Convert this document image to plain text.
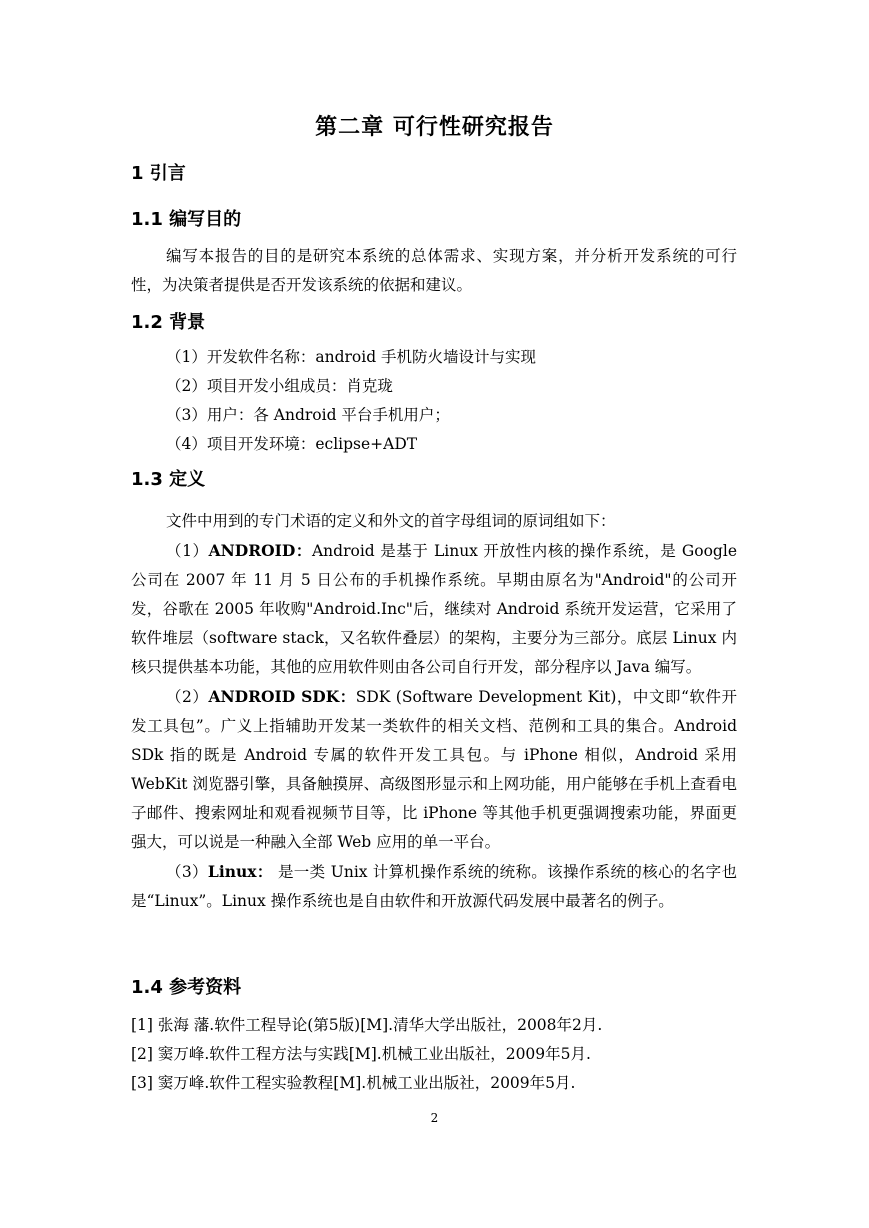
第二章 可行性研究报告
1 引言
1.1 编写目的

编写本报告的目的是研究本系统的总体需求、实现方案，并分析开发系统的可行性，为决策者提供是否开发该系统的依据和建议。

1.2 背景
（1）开发软件名称：android 手机防火墙设计与实现
（2）项目开发小组成员：肖克珑
（3）用户：各 Android 平台手机用户；
（4）项目开发环境：eclipse+ADT
1.3 定义

文件中用到的专门术语的定义和外文的首字母组词的原词组如下：

（1）ANDROID：Android 是基于 Linux 开放性内核的操作系统，是 Google 公司在 2007 年 11 月 5 日公布的手机操作系统。早期由原名为"Android"的公司开发，谷歌在 2005 年收购"Android.Inc"后，继续对 Android 系统开发运营，它采用了软件堆层（software stack，又名软件叠层）的架构，主要分为三部分。底层 Linux 内核只提供基本功能，其他的应用软件则由各公司自行开发，部分程序以 Java 编写。

（2）ANDROID SDK：SDK (Software Development Kit)，中文即“软件开发工具包”。广义上指辅助开发某一类软件的相关文档、范例和工具的集合。Android SDk 指的既是 Android 专属的软件开发工具包。与 iPhone 相似，Android 采用 WebKit 浏览器引擎，具备触摸屏、高级图形显示和上网功能，用户能够在手机上查看电子邮件、搜索网址和观看视频节目等，比 iPhone 等其他手机更强调搜索功能，界面更强大，可以说是一种融入全部 Web 应用的单一平台。

（3）Linux： 是一类 Unix 计算机操作系统的统称。该操作系统的核心的名字也是“Linux”。Linux 操作系统也是自由软件和开放源代码发展中最著名的例子。

1.4 参考资料
[1] 张海 藩.软件工程导论(第5版)[M].清华大学出版社，2008年2月.
[2] 窦万峰.软件工程方法与实践[M].机械工业出版社，2009年5月.
[3] 窦万峰.软件工程实验教程[M].机械工业出版社，2009年5月.
2
